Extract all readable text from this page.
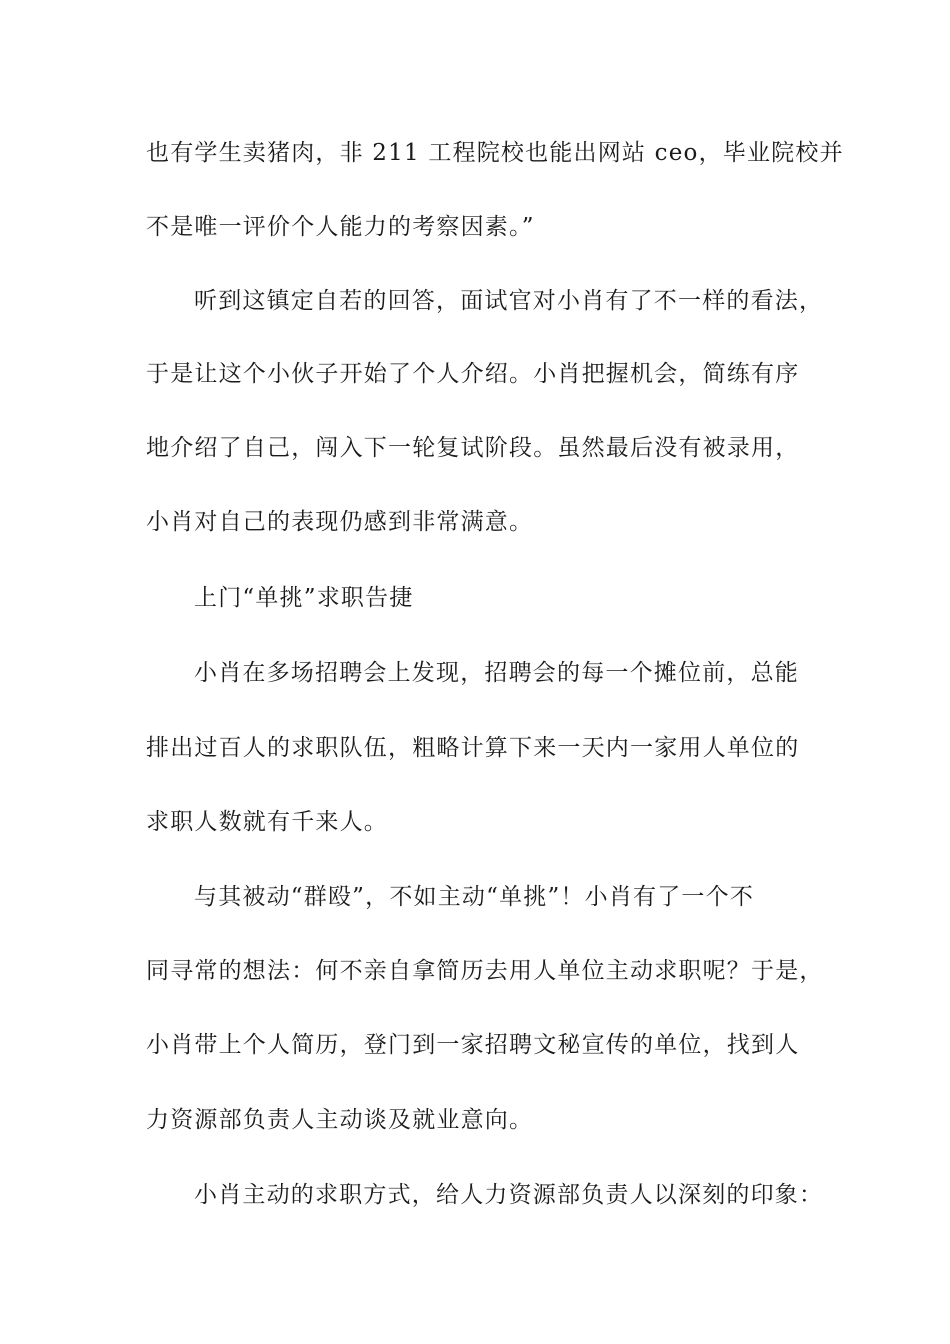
也有学生卖猪肉，非 211 工程院校也能出网站 ceo，毕业院校并

不是唯一评价个人能力的考察因素。”

听到这镇定自若的回答，面试官对小肖有了不一样的看法，

于是让这个小伙子开始了个人介绍。小肖把握机会，简练有序

地介绍了自己，闯入下一轮复试阶段。虽然最后没有被录用，

小肖对自己的表现仍感到非常满意。

上门“单挑”求职告捷

小肖在多场招聘会上发现，招聘会的每一个摊位前，总能

排出过百人的求职队伍，粗略计算下来一天内一家用人单位的

求职人数就有千来人。

与其被动“群殴”，不如主动“单挑”！小肖有了一个不

同寻常的想法：何不亲自拿简历去用人单位主动求职呢？于是，

小肖带上个人简历，登门到一家招聘文秘宣传的单位，找到人

力资源部负责人主动谈及就业意向。

小肖主动的求职方式，给人力资源部负责人以深刻的印象：
